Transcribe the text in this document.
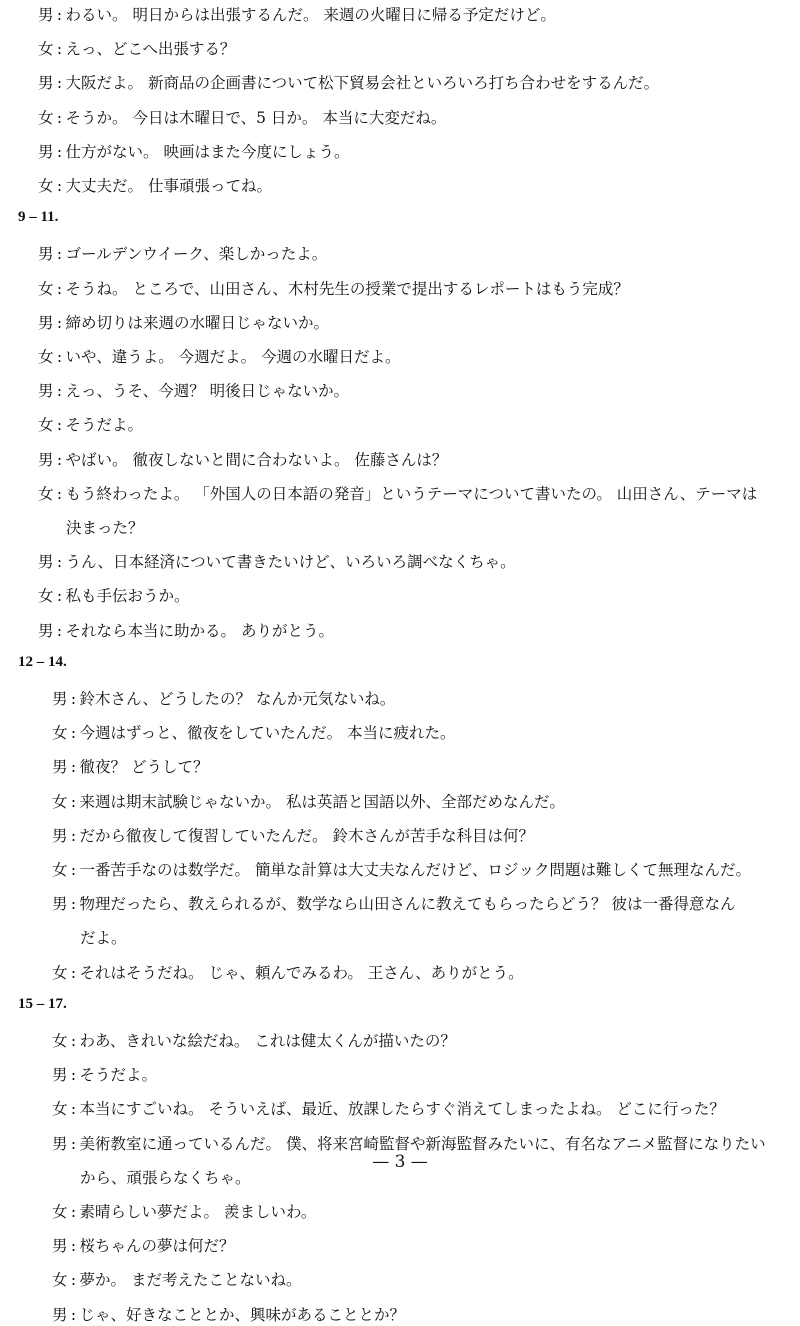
男 : わるい。 明日からは出張するんだ。 来週の火曜日に帰る予定だけど。
女 : えっ、どこへ出張する？
男 : 大阪だよ。 新商品の企画書について松下貿易会社といろいろ打ち合わせをするんだ。
女 : そうか。 今日は木曜日で、5 日か。 本当に大変だね。
男 : 仕方がない。 映画はまた今度にしょう。
女 : 大丈夫だ。 仕事頑張ってね。
9 – 11.
男 : ゴールデンウイーク、楽しかったよ。
女 : そうね。 ところで、山田さん、木村先生の授業で提出するレポートはもう完成？
男 : 締め切りは来週の水曜日じゃないか。
女 : いや、違うよ。 今週だよ。 今週の水曜日だよ。
男 : えっ、うそ、今週？ 明後日じゃないか。
女 : そうだよ。
男 : やばい。 徹夜しないと間に合わないよ。 佐藤さんは？
女 : もう終わったよ。 「外国人の日本語の発音」というテーマについて書いたの。 山田さん、テーマは
決まった？
男 : うん、日本経済について書きたいけど、いろいろ調べなくちゃ。
女 : 私も手伝おうか。
男 : それなら本当に助かる。 ありがとう。
12 – 14.
男 : 鈴木さん、どうしたの？ なんか元気ないね。
女 : 今週はずっと、徹夜をしていたんだ。 本当に疲れた。
男 : 徹夜？ どうして？
女 : 来週は期末試験じゃないか。 私は英語と国語以外、全部だめなんだ。
男 : だから徹夜して復習していたんだ。 鈴木さんが苦手な科目は何？
女 : 一番苦手なのは数学だ。 簡単な計算は大丈夫なんだけど、ロジック問題は難しくて無理なんだ。
男 : 物理だったら、教えられるが、数学なら山田さんに教えてもらったらどう？ 彼は一番得意なん
だよ。
女 : それはそうだね。 じゃ、頼んでみるわ。 王さん、ありがとう。
15 – 17.
女 : わあ、きれいな絵だね。 これは健太くんが描いたの？
男 : そうだよ。
女 : 本当にすごいね。 そういえば、最近、放課したらすぐ消えてしまったよね。 どこに行った？
男 : 美術教室に通っているんだ。 僕、将来宮崎監督や新海監督みたいに、有名なアニメ監督になりたい
から、頑張らなくちゃ。
女 : 素晴らしい夢だよ。 羨ましいわ。
男 : 桜ちゃんの夢は何だ？
女 : 夢か。 まだ考えたことないね。
男 : じゃ、好きなこととか、興味があることとか？
— 3 —
